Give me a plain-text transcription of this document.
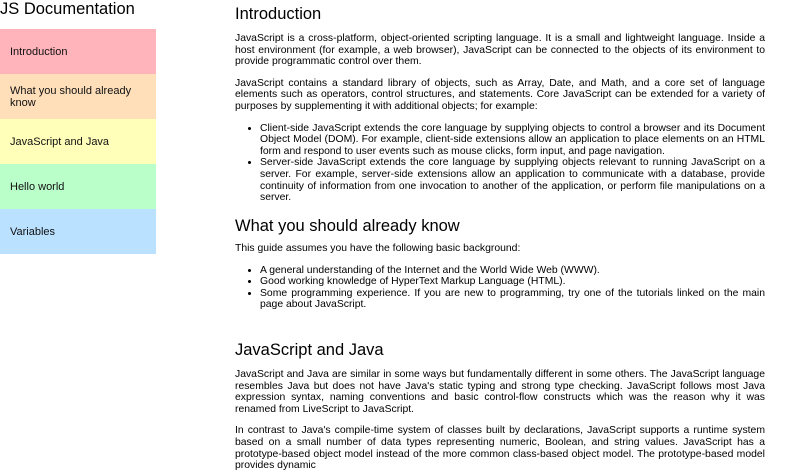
JS Documentation
Introduction
What you should already know
JavaScript and Java
Hello world
Variables
Introduction

JavaScript is a cross-platform, object-oriented scripting language. It is a small and lightweight language. Inside a host environment (for example, a web browser), JavaScript can be connected to the objects of its environment to provide programmatic control over them.

JavaScript contains a standard library of objects, such as Array, Date, and Math, and a core set of language elements such as operators, control structures, and statements. Core JavaScript can be extended for a variety of purposes by supplementing it with additional objects; for example:

• Client-side JavaScript extends the core language by supplying objects to control a browser and its Document Object Model (DOM). For example, client-side extensions allow an application to place elements on an HTML form and respond to user events such as mouse clicks, form input, and page navigation.
• Server-side JavaScript extends the core language by supplying objects relevant to running JavaScript on a server. For example, server-side extensions allow an application to communicate with a database, provide continuity of information from one invocation to another of the application, or perform file manipulations on a server.
What you should already know

This guide assumes you have the following basic background:

• A general understanding of the Internet and the World Wide Web (WWW).
• Good working knowledge of HyperText Markup Language (HTML).
• Some programming experience. If you are new to programming, try one of the tutorials linked on the main page about JavaScript.
JavaScript and Java

JavaScript and Java are similar in some ways but fundamentally different in some others. The JavaScript language resembles Java but does not have Java's static typing and strong type checking. JavaScript follows most Java expression syntax, naming conventions and basic control-flow constructs which was the reason why it was renamed from LiveScript to JavaScript.

In contrast to Java's compile-time system of classes built by declarations, JavaScript supports a runtime system based on a small number of data types representing numeric, Boolean, and string values. JavaScript has a prototype-based object model instead of the more common class-based object model. The prototype-based model provides dynamic
